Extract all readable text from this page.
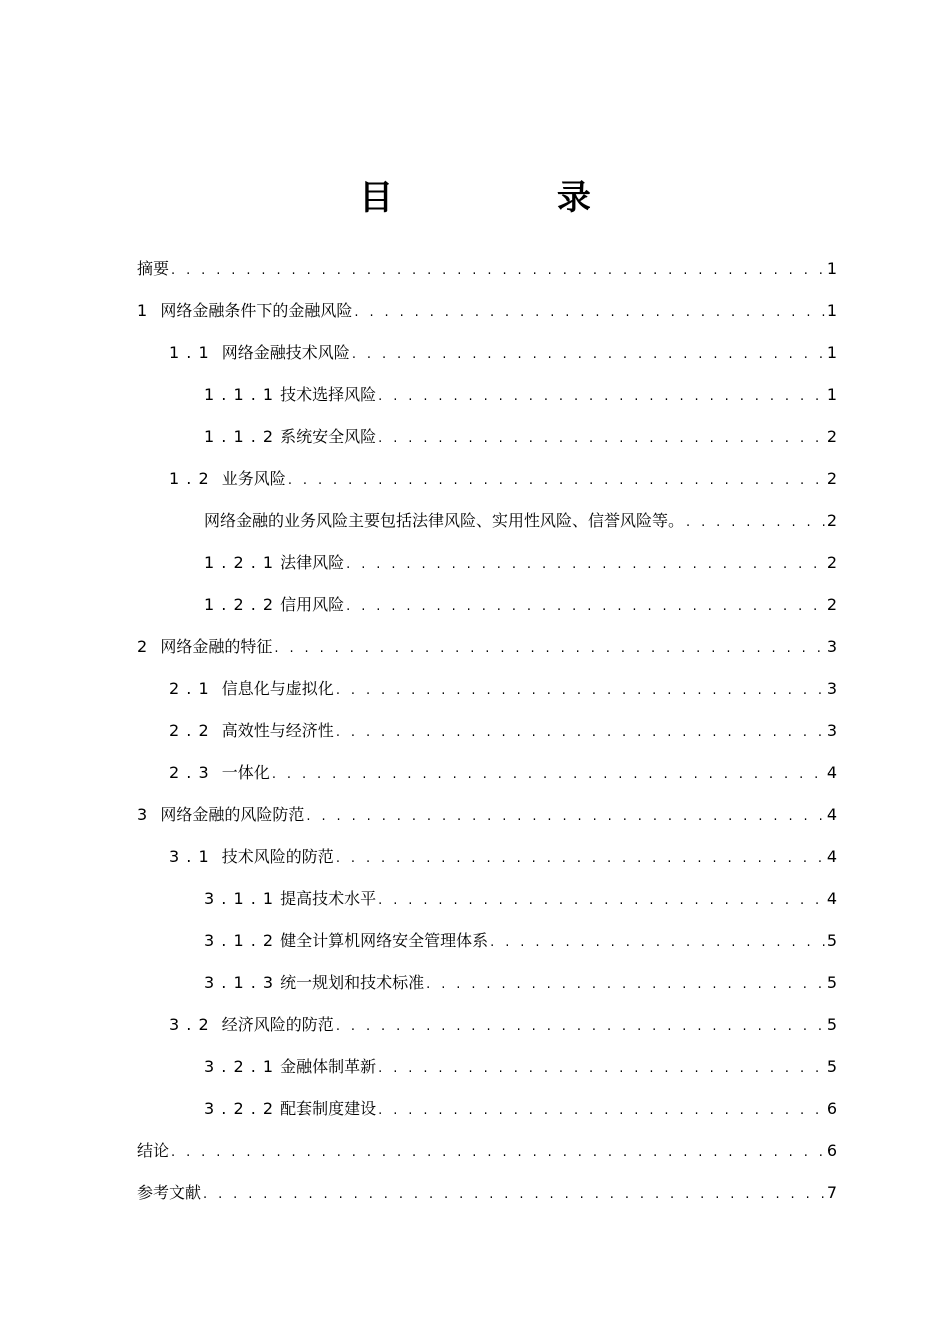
目 录
摘要 . . .	1
1  网络金融条件下的金融风险 . . .	1
1 . 1  网络金融技术风险 . . .	1
1 . 1 . 1 技术选择风险 . . .	1
1 . 1 . 2 系统安全风险 . . .	2
1 . 2  业务风险 . . .	2
网络金融的业务风险主要包括法律风险、实用性风险、信誉风险等。 . . .	2
1 . 2 . 1 法律风险 . . .	2
1 . 2 . 2 信用风险 . . .	2
2  网络金融的特征 . . .	3
2 . 1  信息化与虚拟化 . . .	3
2 . 2  高效性与经济性 . . .	3
2 . 3  一体化 . . .	4
3  网络金融的风险防范 . . .	4
3 . 1  技术风险的防范 . . .	4
3 . 1 . 1 提高技术水平 . . .	4
3 . 1 . 2 健全计算机网络安全管理体系 . . .	5
3 . 1 . 3 统一规划和技术标准 . . .	5
3 . 2  经济风险的防范 . . .	5
3 . 2 . 1 金融体制革新 . . .	5
3 . 2 . 2 配套制度建设 . . .	6
结论 . . .	6
参考文献 . . .	7
